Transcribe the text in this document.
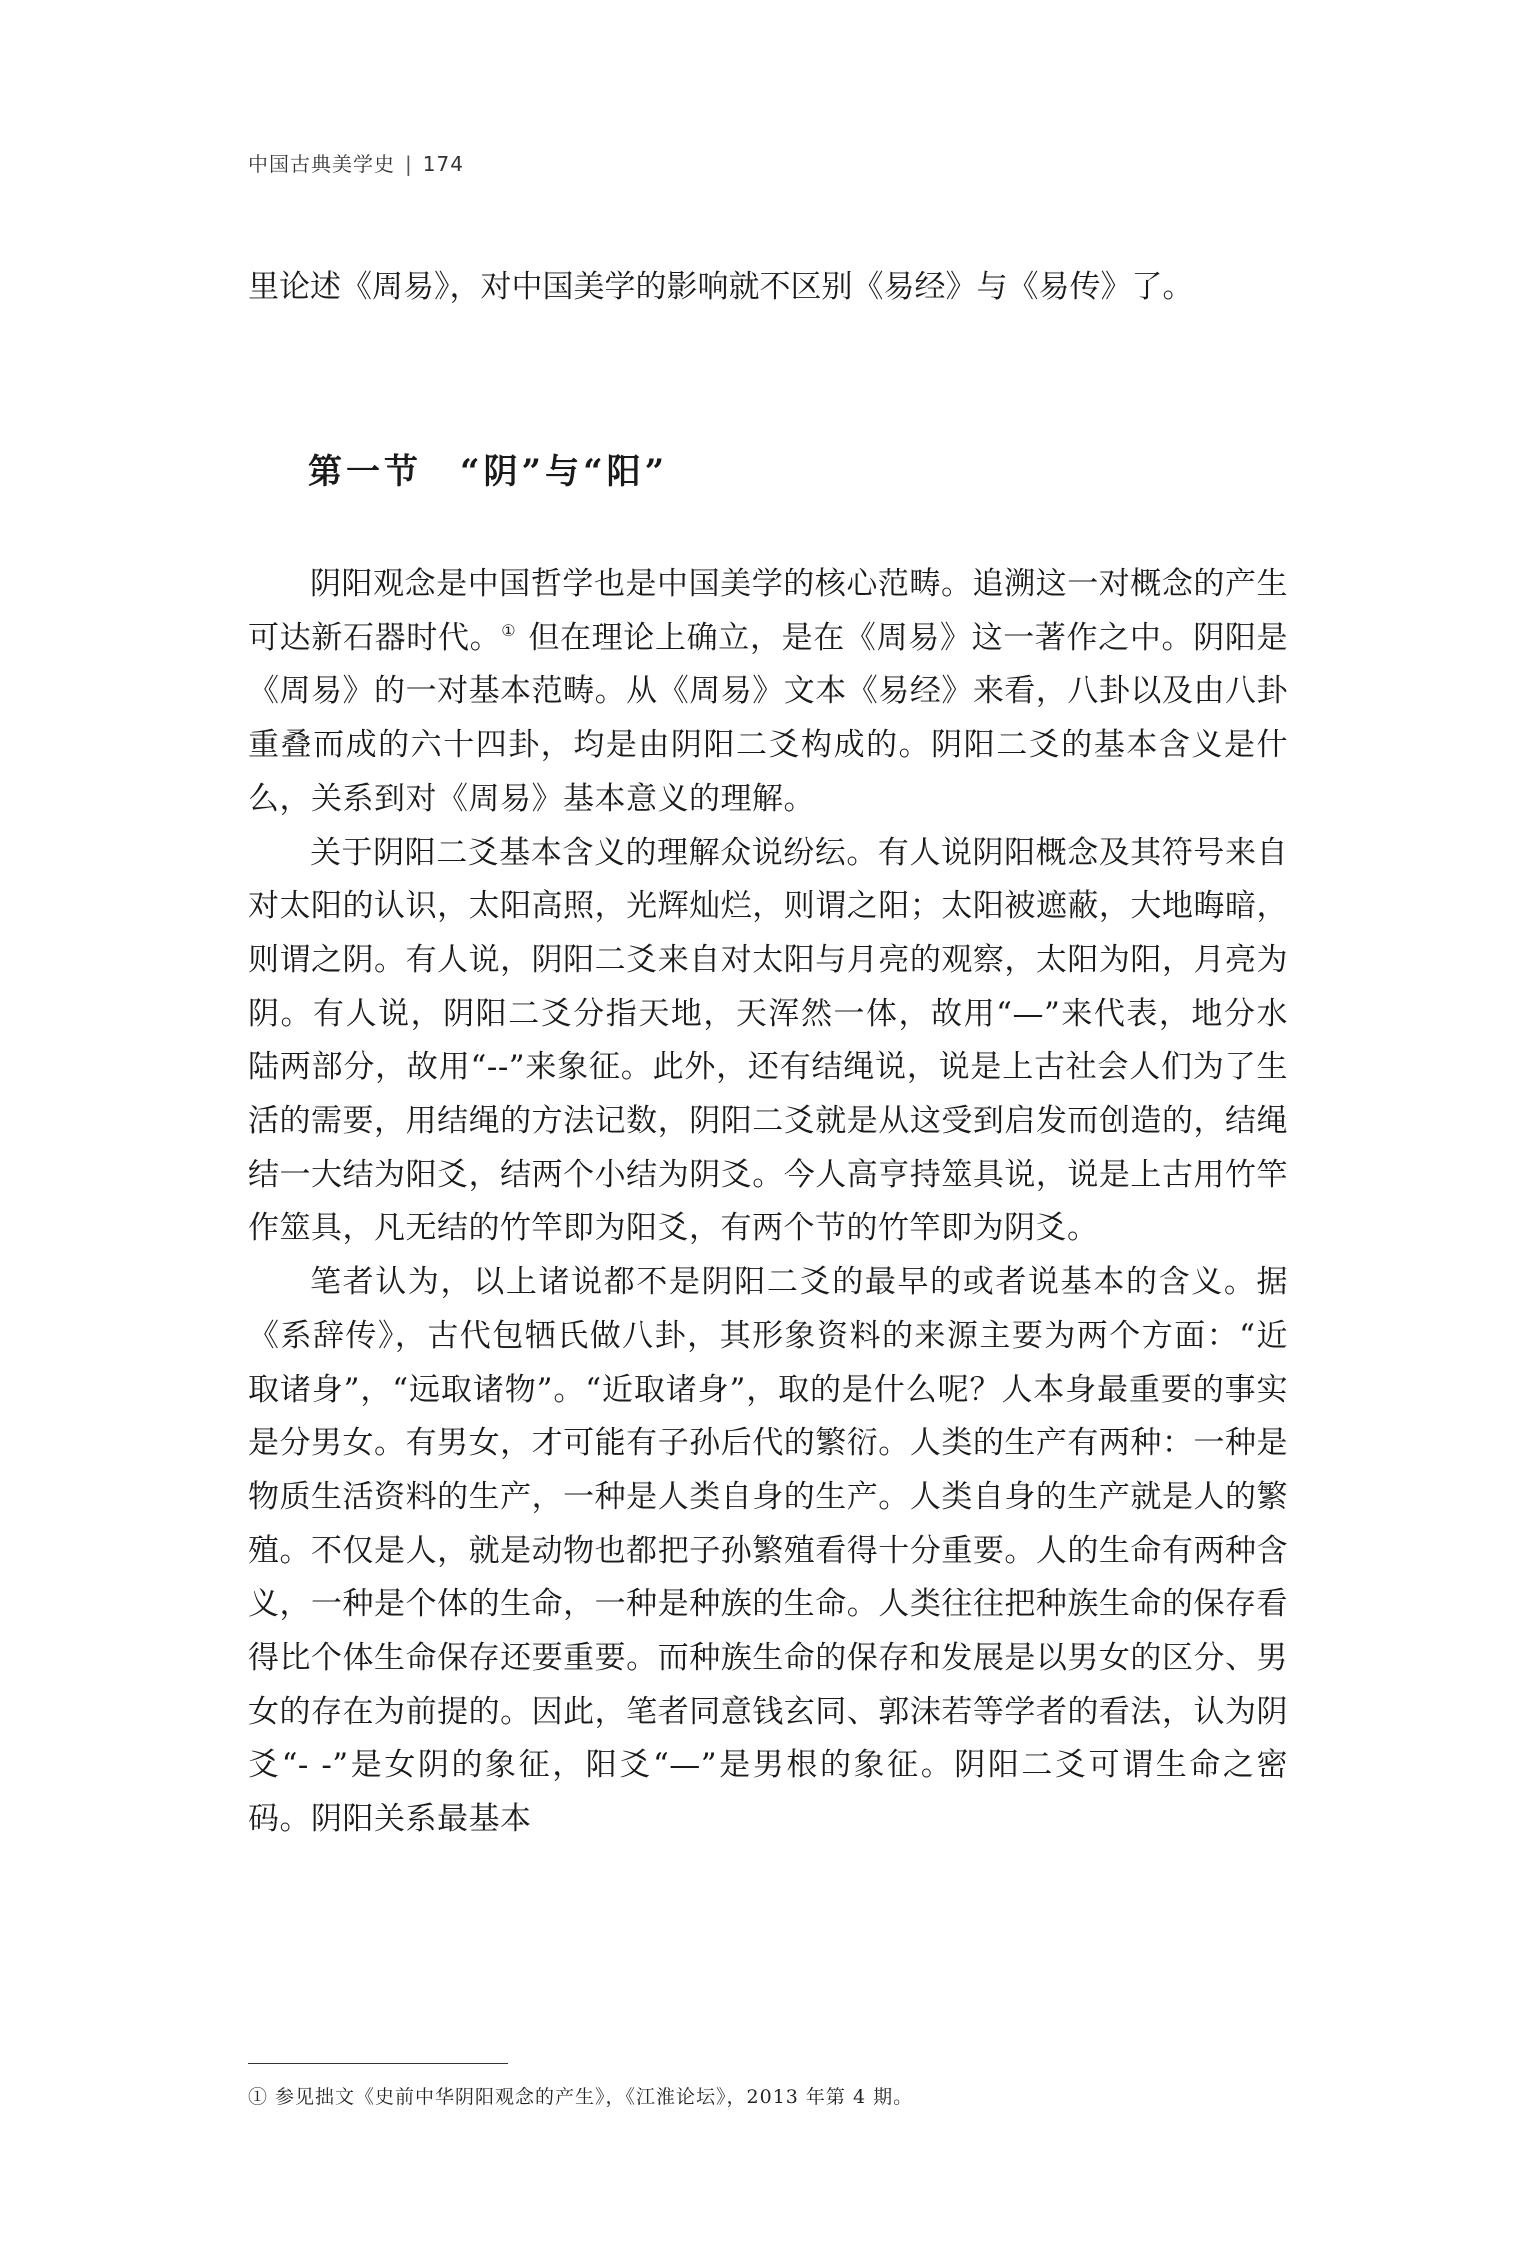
中国古典美学史 | 174

里论述《周易》，对中国美学的影响就不区别《易经》与《易传》了。

第一节 “阴”与“阳”

阴阳观念是中国哲学也是中国美学的核心范畴。追溯这一对概念的产生可达新石器时代。① 但在理论上确立，是在《周易》这一著作之中。阴阳是《周易》的一对基本范畴。从《周易》文本《易经》来看，八卦以及由八卦重叠而成的六十四卦，均是由阴阳二爻构成的。阴阳二爻的基本含义是什么，关系到对《周易》基本意义的理解。

关于阴阳二爻基本含义的理解众说纷纭。有人说阴阳概念及其符号来自对太阳的认识，太阳高照，光辉灿烂，则谓之阳；太阳被遮蔽，大地晦暗，则谓之阴。有人说，阴阳二爻来自对太阳与月亮的观察，太阳为阳，月亮为阴。有人说，阴阳二爻分指天地，天浑然一体，故用“—”来代表，地分水陆两部分，故用“--”来象征。此外，还有结绳说，说是上古社会人们为了生活的需要，用结绳的方法记数，阴阳二爻就是从这受到启发而创造的，结绳结一大结为阳爻，结两个小结为阴爻。今人高亨持筮具说，说是上古用竹竿作筮具，凡无结的竹竿即为阳爻，有两个节的竹竿即为阴爻。

笔者认为，以上诸说都不是阴阳二爻的最早的或者说基本的含义。据《系辞传》，古代包牺氏做八卦，其形象资料的来源主要为两个方面：“近取诸身”，“远取诸物”。“近取诸身”，取的是什么呢？人本身最重要的事实是分男女。有男女，才可能有子孙后代的繁衍。人类的生产有两种：一种是物质生活资料的生产，一种是人类自身的生产。人类自身的生产就是人的繁殖。不仅是人，就是动物也都把子孙繁殖看得十分重要。人的生命有两种含义，一种是个体的生命，一种是种族的生命。人类往往把种族生命的保存看得比个体生命保存还要重要。而种族生命的保存和发展是以男女的区分、男女的存在为前提的。因此，笔者同意钱玄同、郭沫若等学者的看法，认为阴爻“- -”是女阴的象征，阳爻“—”是男根的象征。阴阳二爻可谓生命之密码。阴阳关系最基本

① 参见拙文《史前中华阴阳观念的产生》，《江淮论坛》，2013 年第 4 期。
